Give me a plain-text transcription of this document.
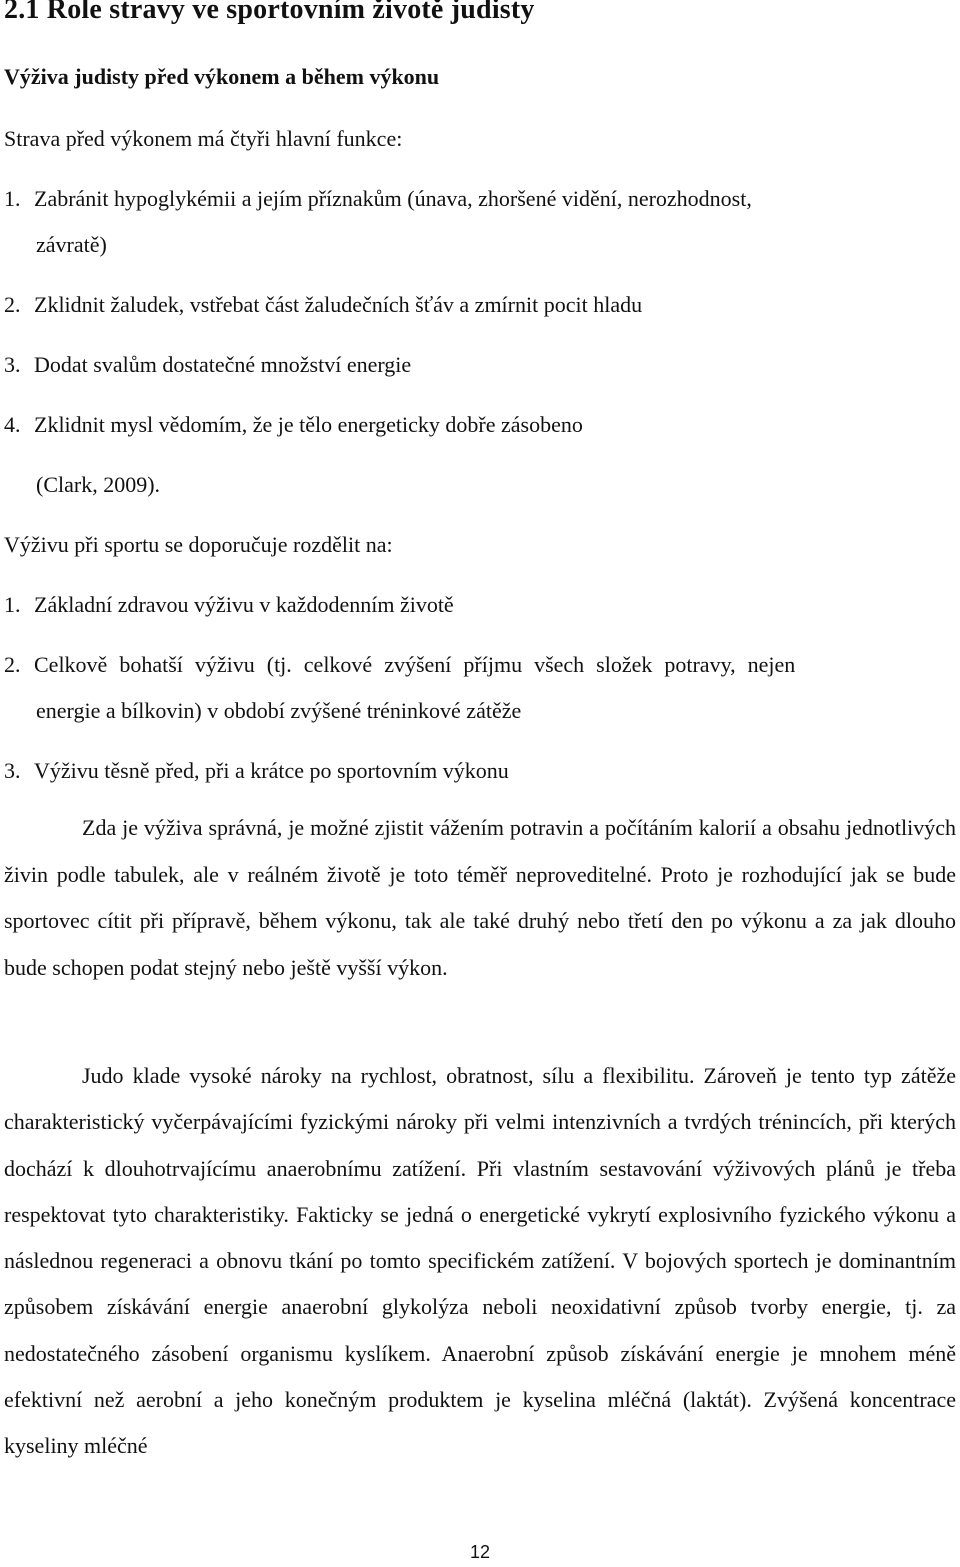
2.1 Role stravy ve sportovním životě judisty
Výživa judisty před výkonem a během výkonu
Strava před výkonem má čtyři hlavní funkce:
1. Zabránit hypoglykémii a jejím příznakům (únava, zhoršené vidění, nerozhodnost,
závratě)
2. Zklidnit žaludek, vstřebat část žaludečních šťáv a zmírnit pocit hladu
3. Dodat svalům dostatečné množství energie
4. Zklidnit mysl vědomím, že je tělo energeticky dobře zásobeno
(Clark, 2009).
Výživu při sportu se doporučuje rozdělit na:
1. Základní zdravou výživu v každodenním životě
2. Celkově bohatší výživu (tj. celkové zvýšení příjmu všech složek potravy, nejen
energie a bílkovin) v období zvýšené tréninkové zátěže
3. Výživu těsně před, při a krátce po sportovním výkonu
Zda je výživa správná, je možné zjistit vážením potravin a počítáním kalorií a obsahu jednotlivých živin podle tabulek, ale v reálném životě je toto téměř neproveditelné. Proto je rozhodující jak se bude sportovec cítit při přípravě, během výkonu, tak ale také druhý nebo třetí den po výkonu a za jak dlouho bude schopen podat stejný nebo ještě vyšší výkon.
Judo klade vysoké nároky na rychlost, obratnost, sílu a flexibilitu. Zároveň je tento typ zátěže charakteristický vyčerpávajícími fyzickými nároky při velmi intenzivních a tvrdých trénincích, při kterých dochází k dlouhotrvajícímu anaerobnímu zatížení. Při vlastním sestavování výživových plánů je třeba respektovat tyto charakteristiky. Fakticky se jedná o energetické vykrytí explosivního fyzického výkonu a následnou regeneraci a obnovu tkání po tomto specifickém zatížení. V bojových sportech je dominantním způsobem získávání energie anaerobní glykolýza neboli neoxidativní způsob tvorby energie, tj. za nedostatečného zásobení organismu kyslíkem. Anaerobní způsob získávání energie je mnohem méně efektivní než aerobní a jeho konečným produktem je kyselina mléčná (laktát). Zvýšená koncentrace kyseliny mléčné
12
